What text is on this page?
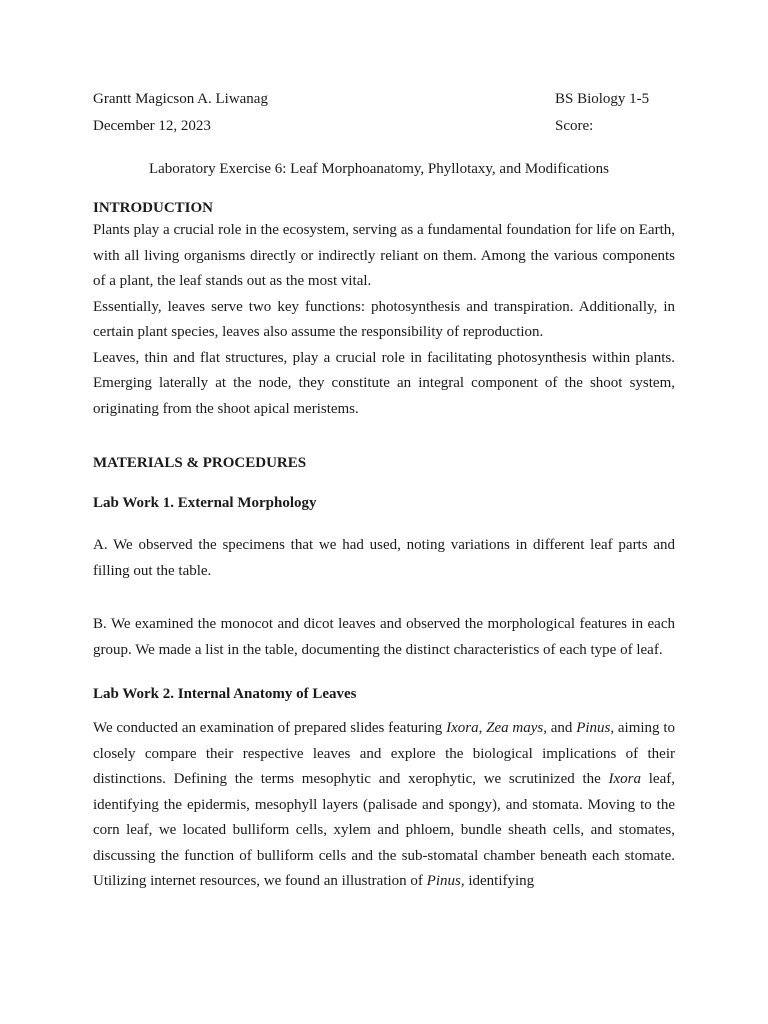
Grantt Magicson A. Liwanag	BS Biology 1-5
December 12, 2023	Score:
Laboratory Exercise 6: Leaf Morphoanatomy, Phyllotaxy, and Modifications
INTRODUCTION

Plants play a crucial role in the ecosystem, serving as a fundamental foundation for life on Earth, with all living organisms directly or indirectly reliant on them. Among the various components of a plant, the leaf stands out as the most vital.

Essentially, leaves serve two key functions: photosynthesis and transpiration. Additionally, in certain plant species, leaves also assume the responsibility of reproduction.

Leaves, thin and flat structures, play a crucial role in facilitating photosynthesis within plants. Emerging laterally at the node, they constitute an integral component of the shoot system, originating from the shoot apical meristems.

MATERIALS & PROCEDURES
Lab Work 1. External Morphology

A. We observed the specimens that we had used, noting variations in different leaf parts and filling out the table.

B. We examined the monocot and dicot leaves and observed the morphological features in each group. We made a list in the table, documenting the distinct characteristics of each type of leaf.

Lab Work 2. Internal Anatomy of Leaves

We conducted an examination of prepared slides featuring Ixora, Zea mays, and Pinus, aiming to closely compare their respective leaves and explore the biological implications of their distinctions. Defining the terms mesophytic and xerophytic, we scrutinized the Ixora leaf, identifying the epidermis, mesophyll layers (palisade and spongy), and stomata. Moving to the corn leaf, we located bulliform cells, xylem and phloem, bundle sheath cells, and stomates, discussing the function of bulliform cells and the sub-stomatal chamber beneath each stomate. Utilizing internet resources, we found an illustration of Pinus, identifying
